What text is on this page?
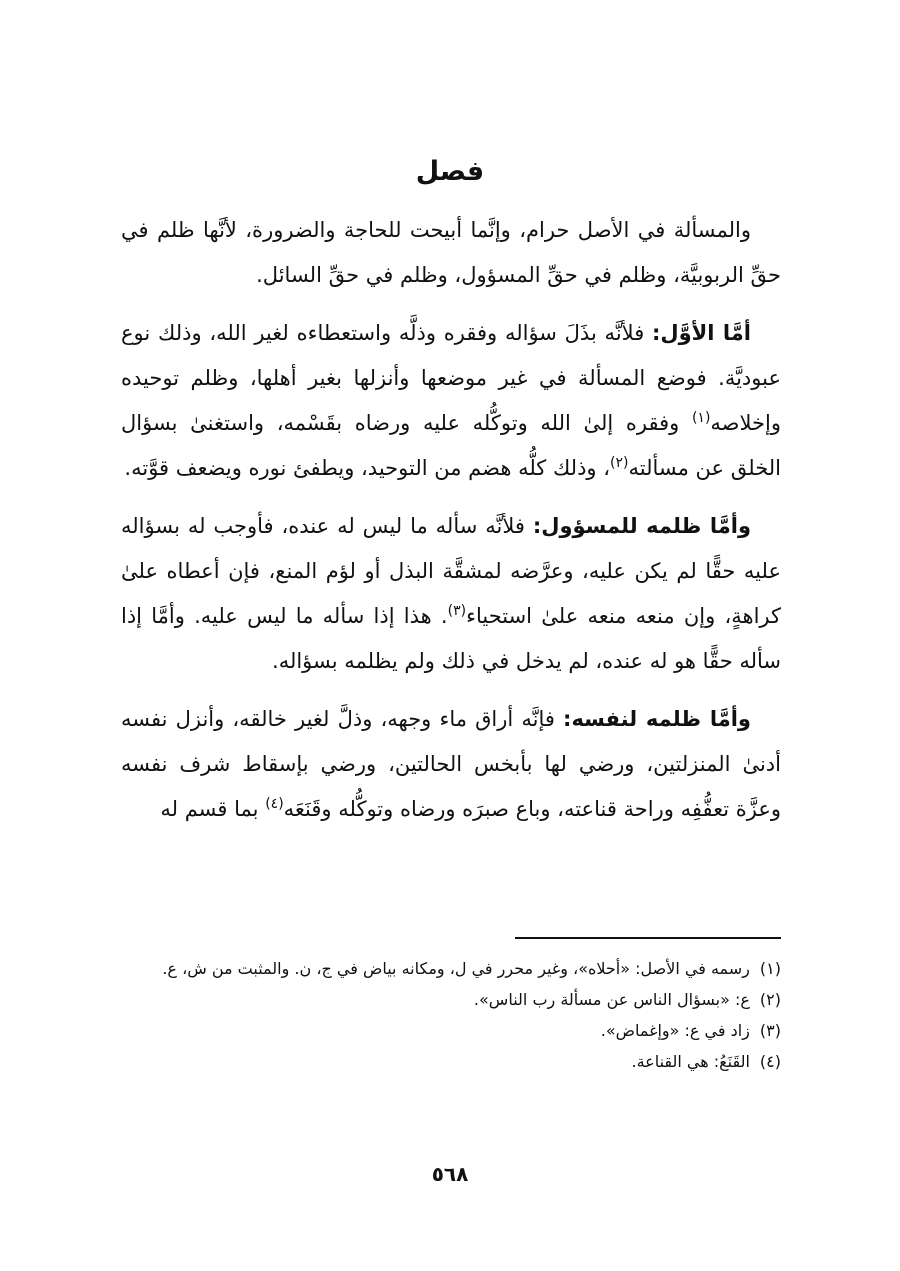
فصل

والمسألة في الأصل حرام، وإنَّما أبيحت للحاجة والضرورة، لأنَّها ظلم في حقِّ الربوبيَّة، وظلم في حقِّ المسؤول، وظلم في حقِّ السائل.

أمَّا الأوَّل: فلأنَّه بذَلَ سؤاله وفقره وذلَّه واستعطاءه لغير الله، وذلك نوع عبوديَّة. فوضع المسألة في غير موضعها وأنزلها بغير أهلها، وظلم توحيده وإخلاصه$^{(١)}$ وفقره إلىٰ الله وتوكُّله عليه ورضاه بقَسْمه، واستغنىٰ بسؤال الخلق عن مسألته$^{(٢)}$، وذلك كلُّه هضم من التوحيد، ويطفئ نوره ويضعف قوَّته.

وأمَّا ظلمه للمسؤول: فلأنَّه سأله ما ليس له عنده، فأوجب له بسؤاله عليه حقًّا لم يكن عليه، وعرَّضه لمشقَّة البذل أو لؤم المنع، فإن أعطاه علىٰ كراهةٍ، وإن منعه منعه علىٰ استحياء$^{(٣)}$. هذا إذا سأله ما ليس عليه. وأمَّا إذا سأله حقًّا هو له عنده، لم يدخل في ذلك ولم يظلمه بسؤاله.

وأمَّا ظلمه لنفسه: فإنَّه أراق ماء وجهه، وذلَّ لغير خالقه، وأنزل نفسه أدنىٰ المنزلتين، ورضي لها بأبخس الحالتين، ورضي بإسقاط شرف نفسه وعزَّة تعفُّفِه وراحة قناعته، وباع صبرَه ورضاه وتوكُّله وقَنَعَه$^{(٤)}$ بما قسم له

(١)
رسمه في الأصل: «أحلاه»، وغير محرر في ل، ومكانه بياض في ج، ن. والمثبت من ش، ع.
(٢)
ع: «بسؤال الناس عن مسألة رب الناس».
(٣)
زاد في ع: «وإغماض».
(٤)
القَنَعُ: هي القناعة.
٥٦٨
